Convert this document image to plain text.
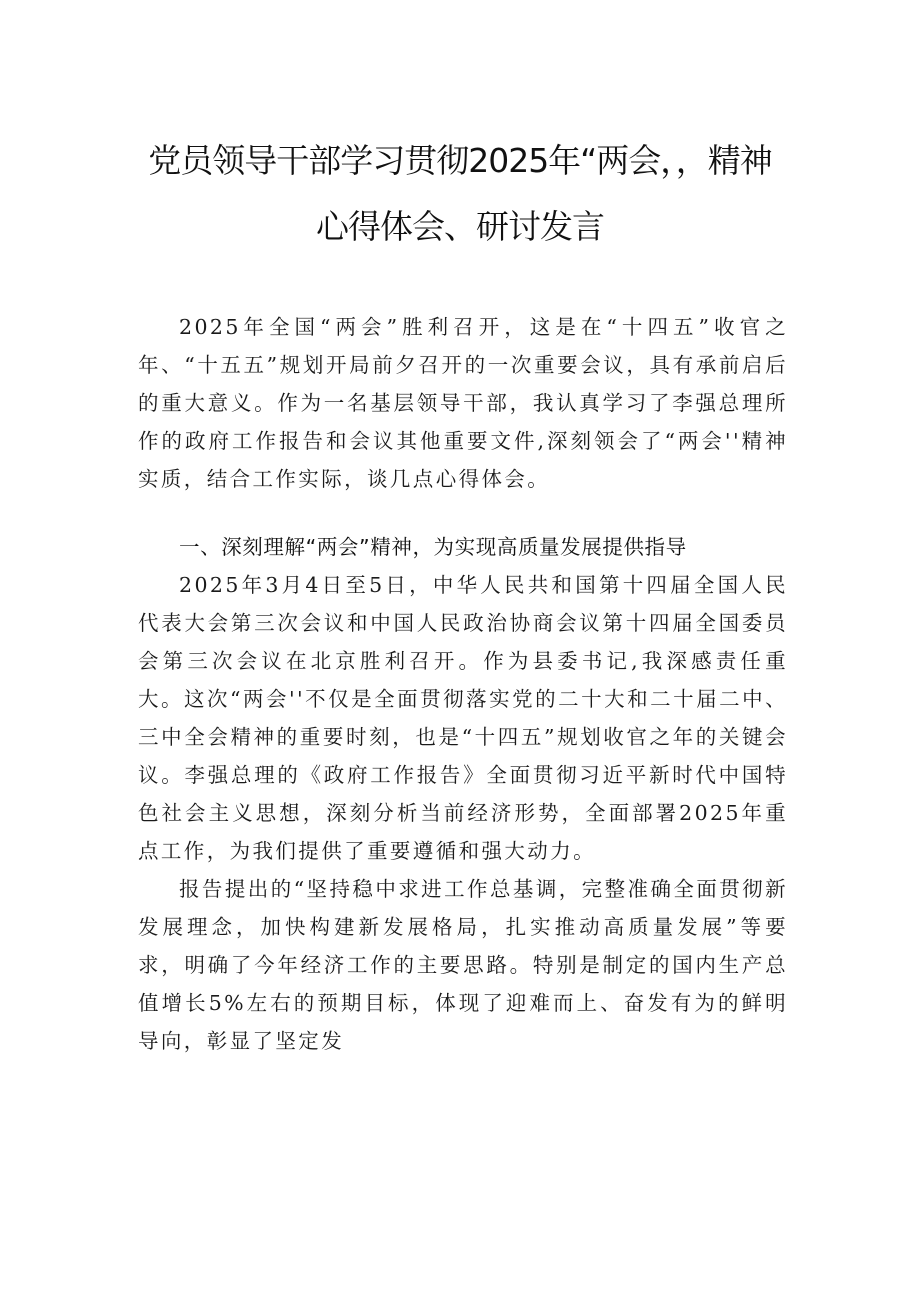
党员领导干部学习贯彻2025年“两会，，精神
心得体会、研讨发言

2025年全国“两会”胜利召开，这是在“十四五”收官之年、“十五五”规划开局前夕召开的一次重要会议，具有承前启后的重大意义。作为一名基层领导干部，我认真学习了李强总理所作的政府工作报告和会议其他重要文件,深刻领会了“两会''精神实质，结合工作实际，谈几点心得体会。

一、深刻理解“两会”精神，为实现高质量发展提供指导

2025年3月4日至5日，中华人民共和国第十四届全国人民代表大会第三次会议和中国人民政治协商会议第十四届全国委员会第三次会议在北京胜利召开。作为县委书记,我深感责任重大。这次“两会''不仅是全面贯彻落实党的二十大和二十届二中、三中全会精神的重要时刻，也是“十四五”规划收官之年的关键会议。李强总理的《政府工作报告》全面贯彻习近平新时代中国特色社会主义思想，深刻分析当前经济形势，全面部署2025年重点工作，为我们提供了重要遵循和强大动力。

报告提出的“坚持稳中求进工作总基调，完整准确全面贯彻新发展理念，加快构建新发展格局，扎实推动高质量发展”等要求，明确了今年经济工作的主要思路。特别是制定的国内生产总值增长5%左右的预期目标，体现了迎难而上、奋发有为的鲜明导向，彰显了坚定发
